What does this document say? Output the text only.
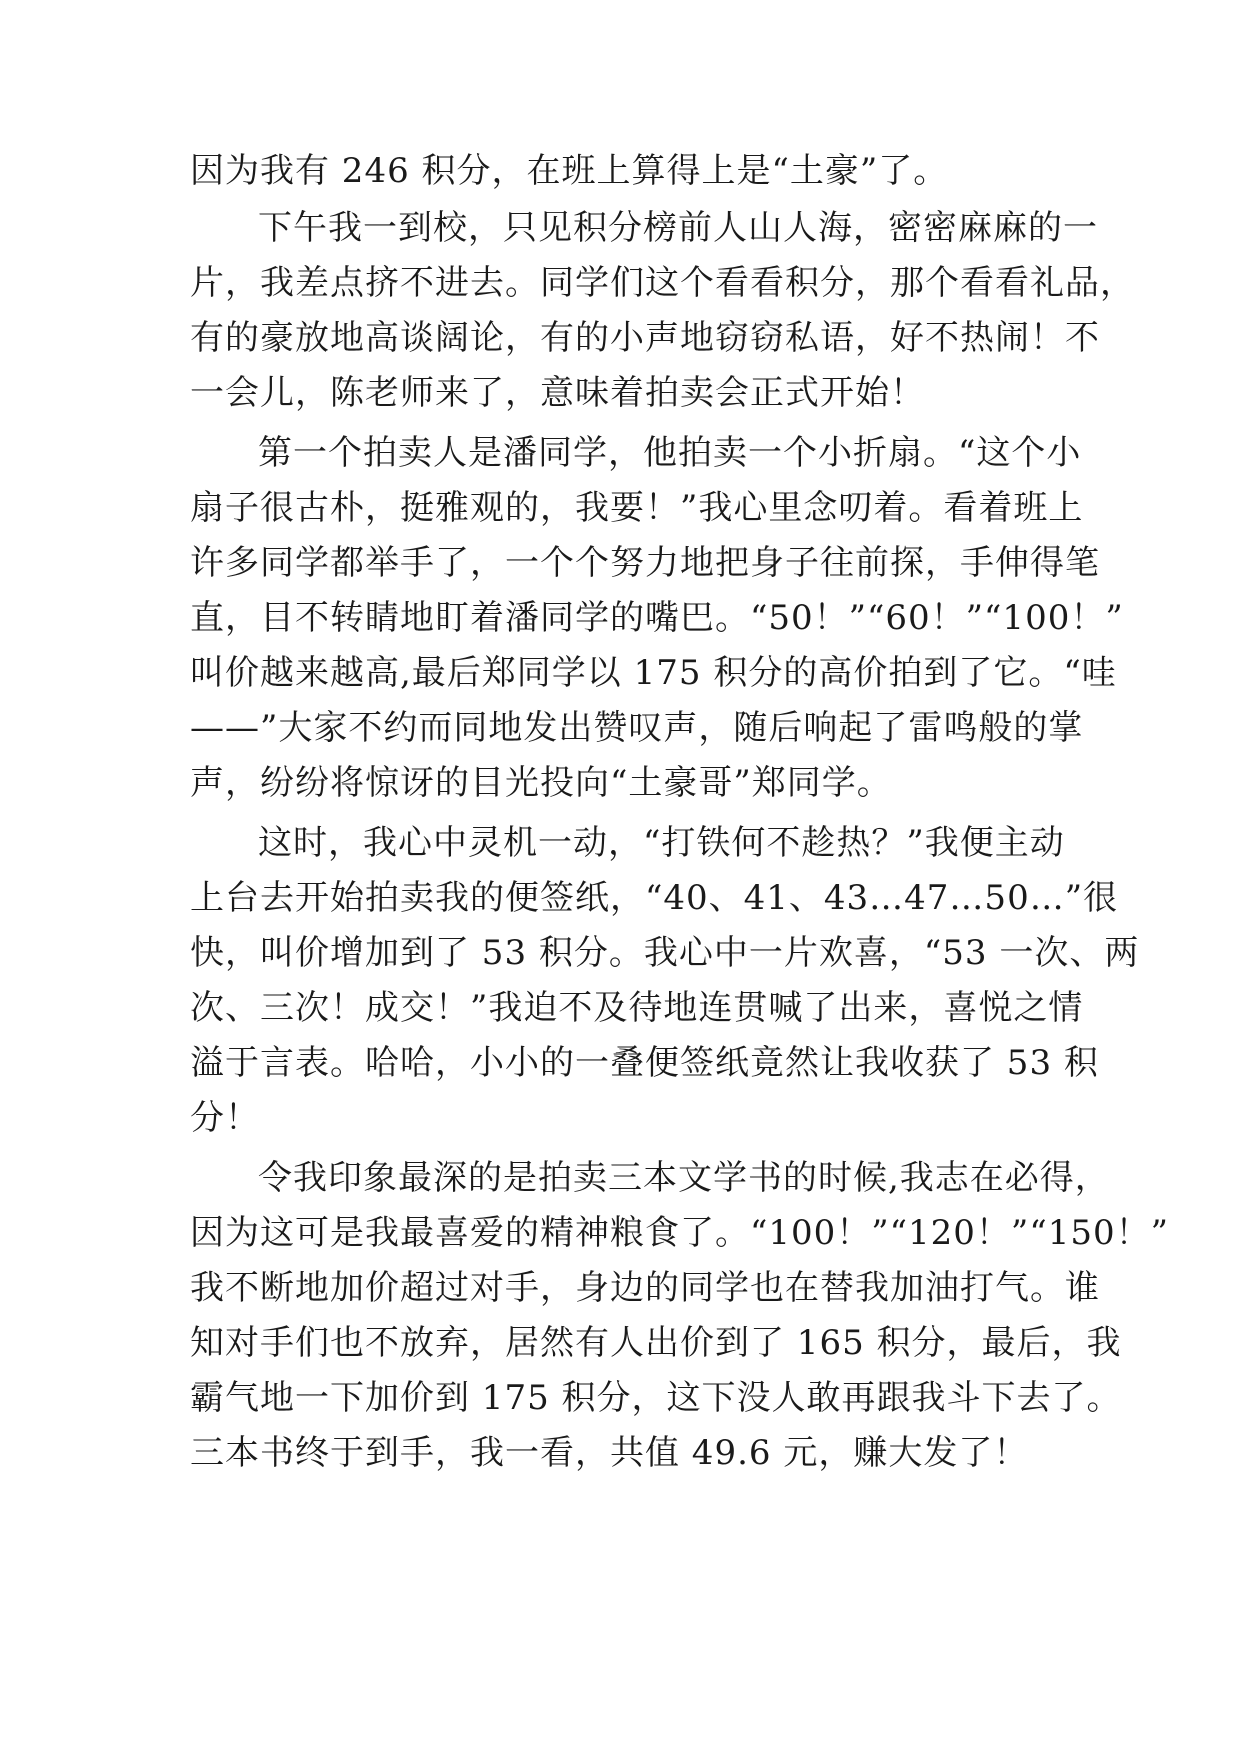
因为我有 246 积分，在班上算得上是“土豪”了。
下午我一到校，只见积分榜前人山人海，密密麻麻的一
片，我差点挤不进去。同学们这个看看积分，那个看看礼品，
有的豪放地高谈阔论，有的小声地窃窃私语，好不热闹！不
一会儿，陈老师来了，意味着拍卖会正式开始！
第一个拍卖人是潘同学，他拍卖一个小折扇。“这个小
扇子很古朴，挺雅观的，我要！”我心里念叨着。看着班上
许多同学都举手了，一个个努力地把身子往前探，手伸得笔
直，目不转睛地盯着潘同学的嘴巴。“50！”“60！”“100！”
叫价越来越高,最后郑同学以 175 积分的高价拍到了它。“哇
——”大家不约而同地发出赞叹声，随后响起了雷鸣般的掌
声，纷纷将惊讶的目光投向“土豪哥”郑同学。
这时，我心中灵机一动，“打铁何不趁热？”我便主动
上台去开始拍卖我的便签纸，“40、41、43…47…50…”很
快，叫价增加到了 53 积分。我心中一片欢喜，“53 一次、两
次、三次！成交！”我迫不及待地连贯喊了出来，喜悦之情
溢于言表。哈哈，小小的一叠便签纸竟然让我收获了 53 积
分！
令我印象最深的是拍卖三本文学书的时候,我志在必得，
因为这可是我最喜爱的精神粮食了。“100！”“120！”“150！”
我不断地加价超过对手，身边的同学也在替我加油打气。谁
知对手们也不放弃，居然有人出价到了 165 积分，最后，我
霸气地一下加价到 175 积分，这下没人敢再跟我斗下去了。
三本书终于到手，我一看，共值 49.6 元，赚大发了！
